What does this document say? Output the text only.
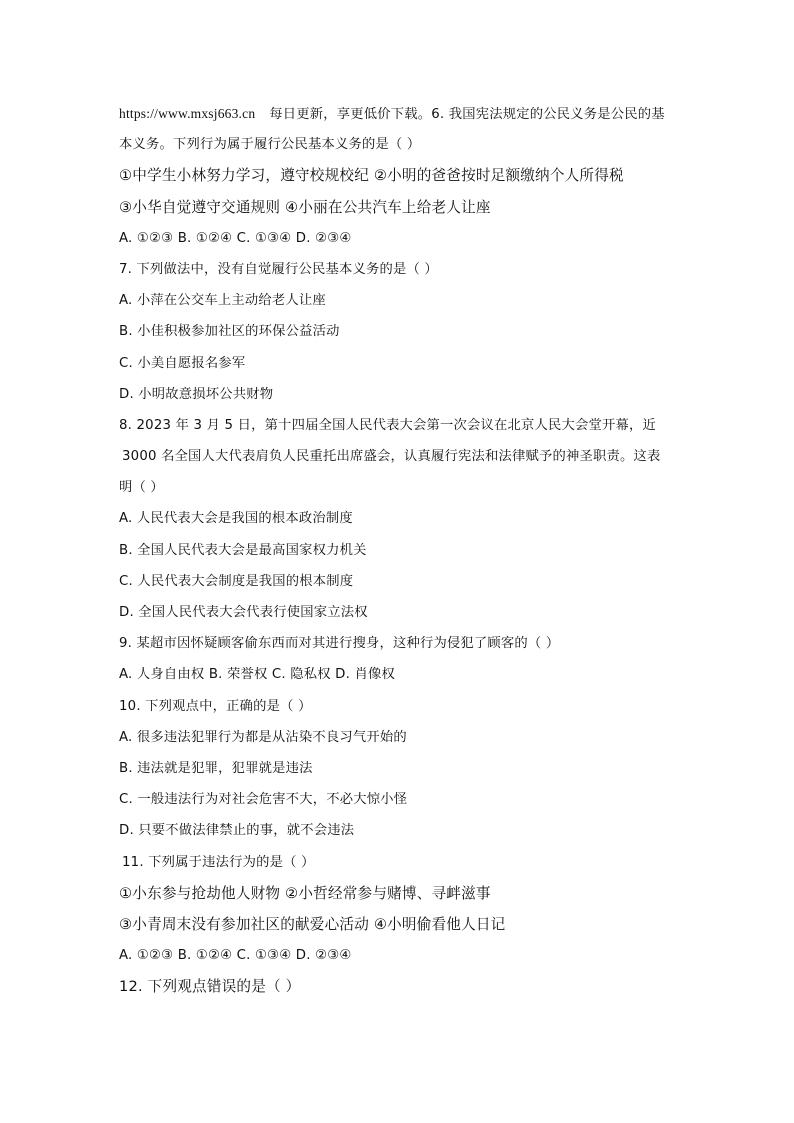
https://www.mxsj663.cn 每日更新，享更低价下载。6. 我国宪法规定的公民义务是公民的基
本义务。下列行为属于履行公民基本义务的是（ ）
①中学生小林努力学习，遵守校规校纪 ②小明的爸爸按时足额缴纳个人所得税
③小华自觉遵守交通规则 ④小丽在公共汽车上给老人让座
A. ①②③ B. ①②④ C. ①③④ D. ②③④
7. 下列做法中，没有自觉履行公民基本义务的是（ ）
A. 小萍在公交车上主动给老人让座
B. 小佳积极参加社区的环保公益活动
C. 小美自愿报名参军
D. 小明故意损坏公共财物
8. 2023 年 3 月 5 日，第十四届全国人民代表大会第一次会议在北京人民大会堂开幕，近
3000 名全国人大代表肩负人民重托出席盛会，认真履行宪法和法律赋予的神圣职责。这表
明（ ）
A. 人民代表大会是我国的根本政治制度
B. 全国人民代表大会是最高国家权力机关
C. 人民代表大会制度是我国的根本制度
D. 全国人民代表大会代表行使国家立法权
9. 某超市因怀疑顾客偷东西而对其进行搜身，这种行为侵犯了顾客的（ ）
A. 人身自由权 B. 荣誉权 C. 隐私权 D. 肖像权
10. 下列观点中，正确的是（ ）
A. 很多违法犯罪行为都是从沾染不良习气开始的
B. 违法就是犯罪，犯罪就是违法
C. 一般违法行为对社会危害不大，不必大惊小怪
D. 只要不做法律禁止的事，就不会违法
11. 下列属于违法行为的是（ ）
①小东参与抢劫他人财物 ②小哲经常参与赌博、寻衅滋事
③小青周末没有参加社区的献爱心活动 ④小明偷看他人日记
A. ①②③ B. ①②④ C. ①③④ D. ②③④
12. 下列观点错误的是（ ）
